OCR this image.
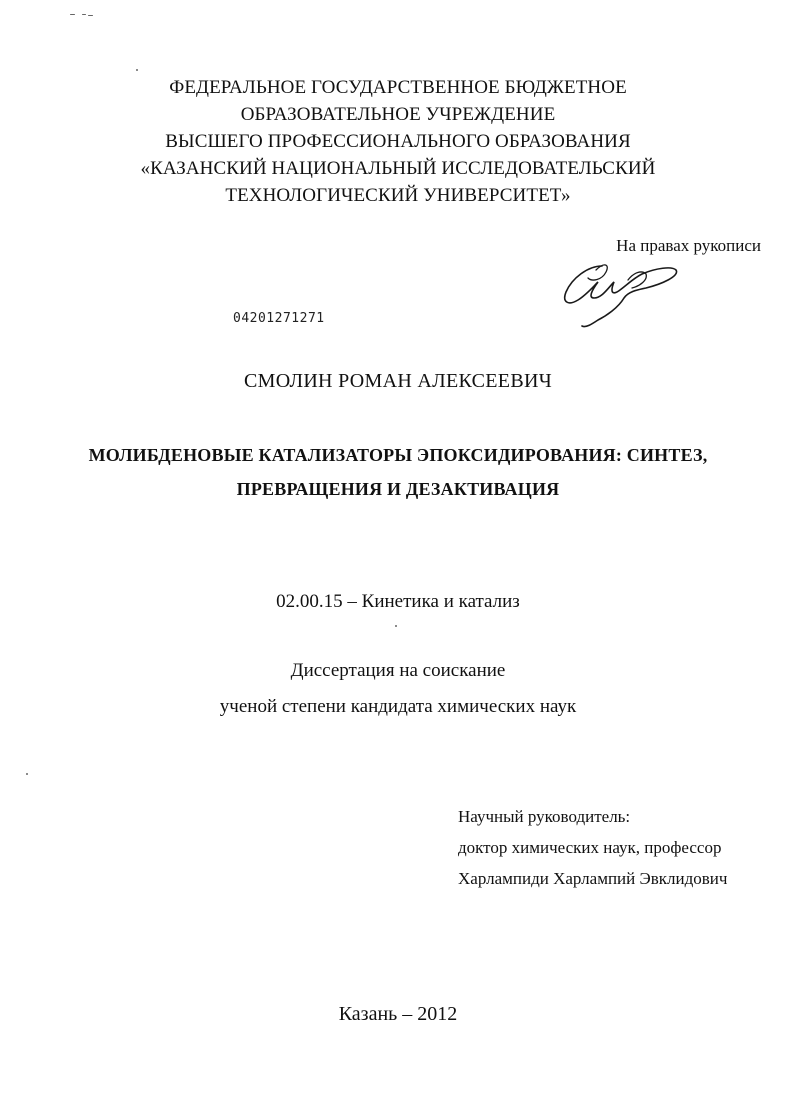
ФЕДЕРАЛЬНОЕ ГОСУДАРСТВЕННОЕ БЮДЖЕТНОЕ
ОБРАЗОВАТЕЛЬНОЕ УЧРЕЖДЕНИЕ
ВЫСШЕГО ПРОФЕССИОНАЛЬНОГО ОБРАЗОВАНИЯ
«КАЗАНСКИЙ НАЦИОНАЛЬНЫЙ ИССЛЕДОВАТЕЛЬСКИЙ
ТЕХНОЛОГИЧЕСКИЙ УНИВЕРСИТЕТ»
На правах рукописи
04201271271
СМОЛИН РОМАН АЛЕКСЕЕВИЧ
МОЛИБДЕНОВЫЕ КАТАЛИЗАТОРЫ ЭПОКСИДИРОВАНИЯ: СИНТЕЗ,
ПРЕВРАЩЕНИЯ И ДЕЗАКТИВАЦИЯ
02.00.15 – Кинетика и катализ
Диссертация на соискание
ученой степени кандидата химических наук
Научный руководитель:
доктор химических наук, профессор
Харлампиди Харлампий Эвклидович
Казань – 2012
